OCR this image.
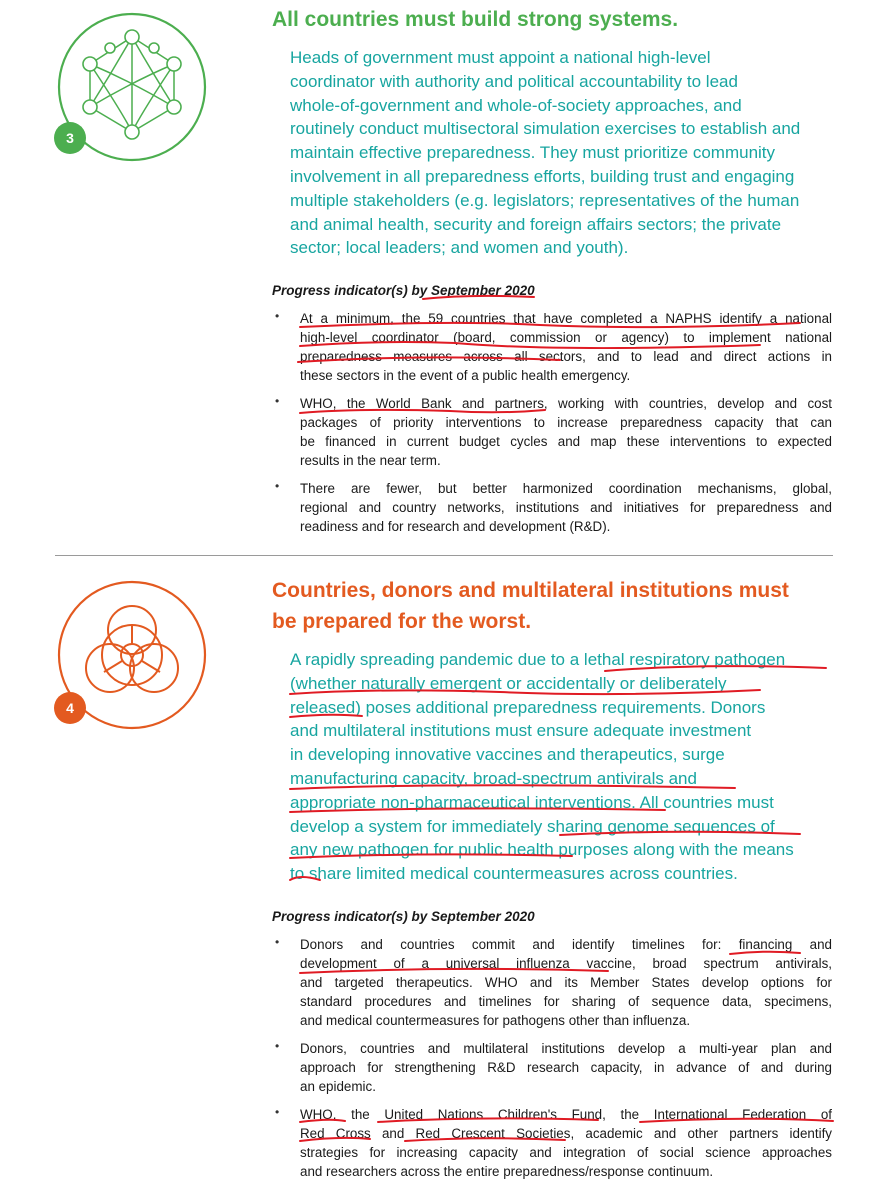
3
All countries must build strong systems.

Heads of government must appoint a national high-level
coordinator with authority and political accountability to lead
whole-of-government and whole-of-society approaches, and
routinely conduct multisectoral simulation exercises to establish and
maintain effective preparedness. They must prioritize community
involvement in all preparedness efforts, building trust and engaging
multiple stakeholders (e.g. legislators; representatives of the human
and animal health, security and foreign affairs sectors; the private
sector; local leaders; and women and youth).

Progress indicator(s) by September 2020

• At a minimum, the 59 countries that have completed a NAPHS identify a national
high-level coordinator (board, commission or agency) to implement national
preparedness measures across all sectors, and to lead and direct actions in
these sectors in the event of a public health emergency.
• WHO, the World Bank and partners, working with countries, develop and cost
packages of priority interventions to increase preparedness capacity that can
be financed in current budget cycles and map these interventions to expected
results in the near term.
• There are fewer, but better harmonized coordination mechanisms, global,
regional and country networks, institutions and initiatives for preparedness and
readiness and for research and development (R&D).
4
Countries, donors and multilateral institutions must
be prepared for the worst.

A rapidly spreading pandemic due to a lethal respiratory pathogen
(whether naturally emergent or accidentally or deliberately
released) poses additional preparedness requirements. Donors
and multilateral institutions must ensure adequate investment
in developing innovative vaccines and therapeutics, surge
manufacturing capacity, broad-spectrum antivirals and
appropriate non-pharmaceutical interventions. All countries must
develop a system for immediately sharing genome sequences of
any new pathogen for public health purposes along with the means
to share limited medical countermeasures across countries.

Progress indicator(s) by September 2020

• Donors and countries commit and identify timelines for: financing and
development of a universal influenza vaccine, broad spectrum antivirals,
and targeted therapeutics. WHO and its Member States develop options for
standard procedures and timelines for sharing of sequence data, specimens,
and medical countermeasures for pathogens other than influenza.
• Donors, countries and multilateral institutions develop a multi-year plan and
approach for strengthening R&D research capacity, in advance of and during
an epidemic.
• WHO, the United Nations Children's Fund, the International Federation of
Red Cross and Red Crescent Societies, academic and other partners identify
strategies for increasing capacity and integration of social science approaches
and researchers across the entire preparedness/response continuum.
